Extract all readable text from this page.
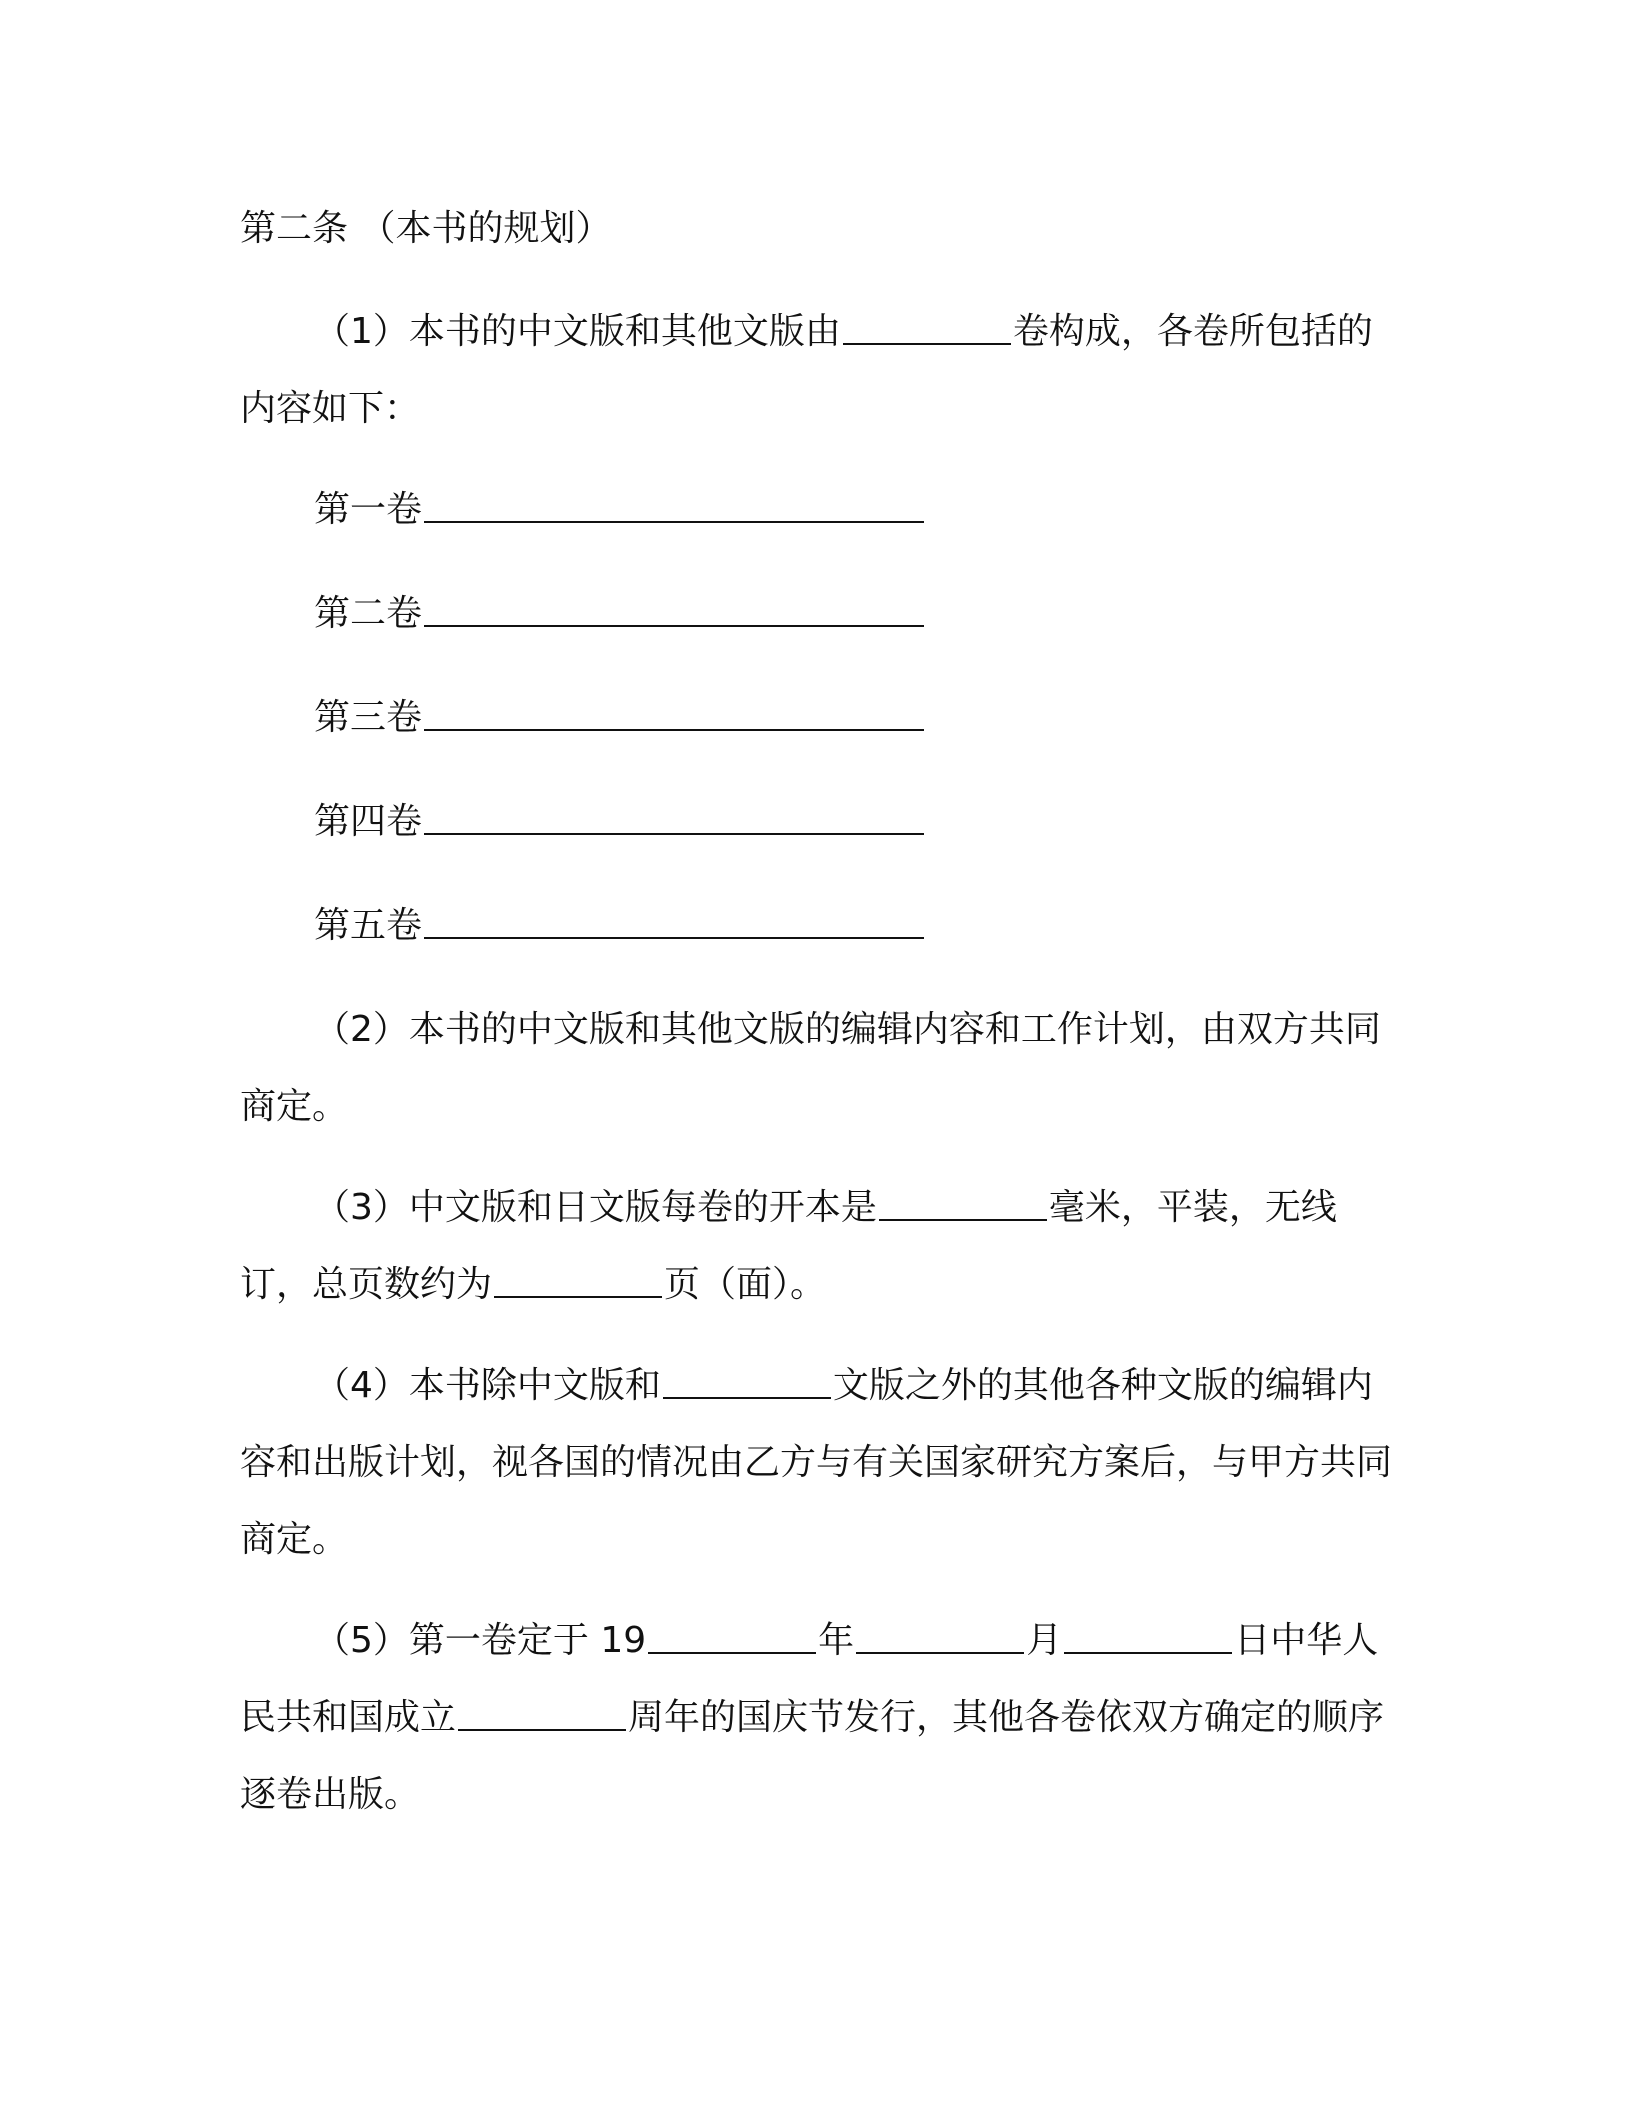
第二条 （本书的规划）

（1）本书的中文版和其他文版由	卷构成，各卷所包括的内容如下：

第一卷

第二卷

第三卷

第四卷

第五卷

（2）本书的中文版和其他文版的编辑内容和工作计划，由双方共同商定。

（3）中文版和日文版每卷的开本是	毫米，平装，无线订，总页数约为	页（面）。

（4）本书除中文版和	文版之外的其他各种文版的编辑内容和出版计划，视各国的情况由乙方与有关国家研究方案后，与甲方共同商定。

（5）第一卷定于 19	年	月	日中华人民共和国成立	周年的国庆节发行，其他各卷依双方确定的顺序逐卷出版。
